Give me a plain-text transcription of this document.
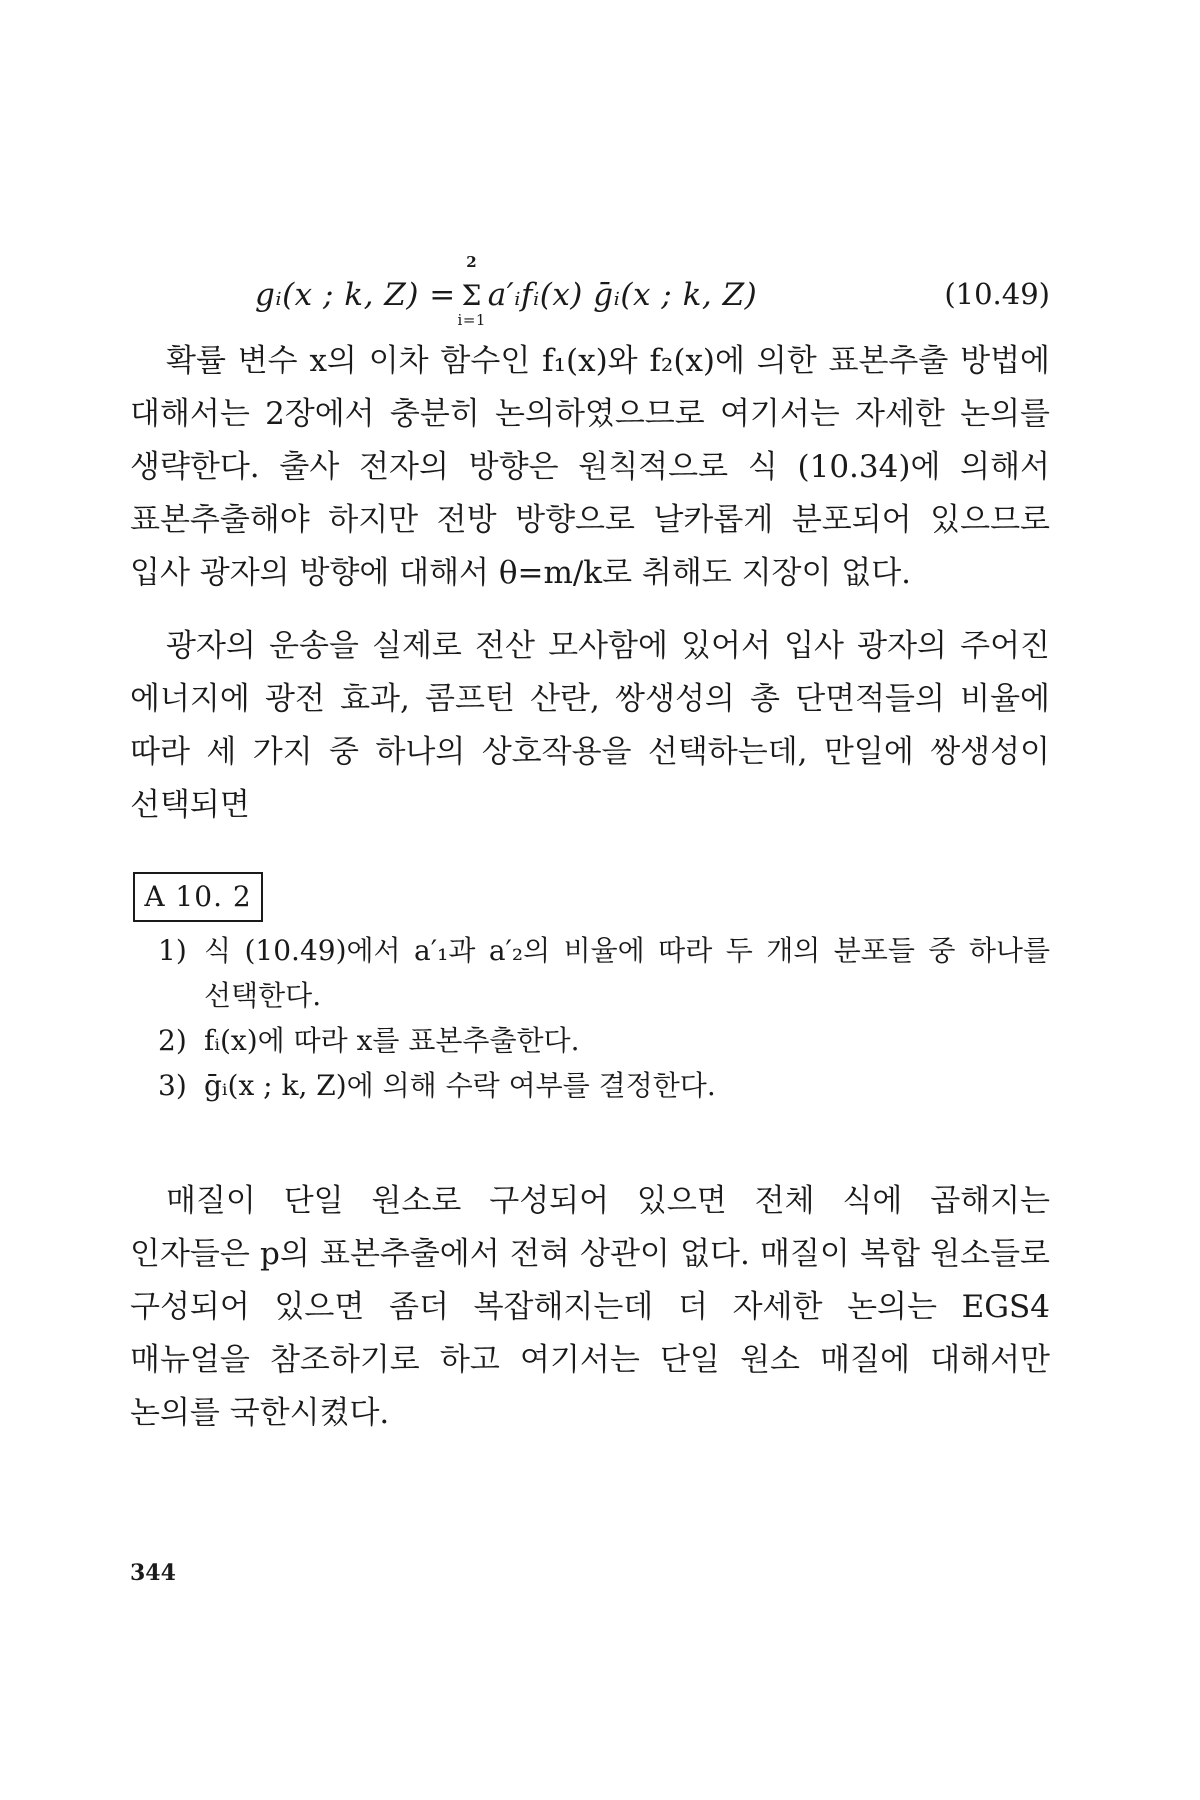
gᵢ(x ; k, Z) =
2
Σ
i=1
a′ᵢfᵢ(x) ḡᵢ(x ; k, Z)	(10.49)

확률 변수 x의 이차 함수인 f₁(x)와 f₂(x)에 의한 표본추출 방법에 대해서는 2장에서 충분히 논의하였으므로 여기서는 자세한 논의를 생략한다. 출사 전자의 방향은 원칙적으로 식 (10.34)에 의해서 표본추출해야 하지만 전방 방향으로 날카롭게 분포되어 있으므로 입사 광자의 방향에 대해서 θ=m/k로 취해도 지장이 없다.

광자의 운송을 실제로 전산 모사함에 있어서 입사 광자의 주어진 에너지에 광전 효과, 콤프턴 산란, 쌍생성의 총 단면적들의 비율에 따라 세 가지 중 하나의 상호작용을 선택하는데, 만일에 쌍생성이 선택되면

A 10. 2
1) 식 (10.49)에서 a′₁과 a′₂의 비율에 따라 두 개의 분포들 중 하나를 선택한다.
2) fᵢ(x)에 따라 x를 표본추출한다.
3) ḡᵢ(x ; k, Z)에 의해 수락 여부를 결정한다.

매질이 단일 원소로 구성되어 있으면 전체 식에 곱해지는 인자들은 p의 표본추출에서 전혀 상관이 없다. 매질이 복합 원소들로 구성되어 있으면 좀더 복잡해지는데 더 자세한 논의는 EGS4 매뉴얼을 참조하기로 하고 여기서는 단일 원소 매질에 대해서만 논의를 국한시켰다.

344
